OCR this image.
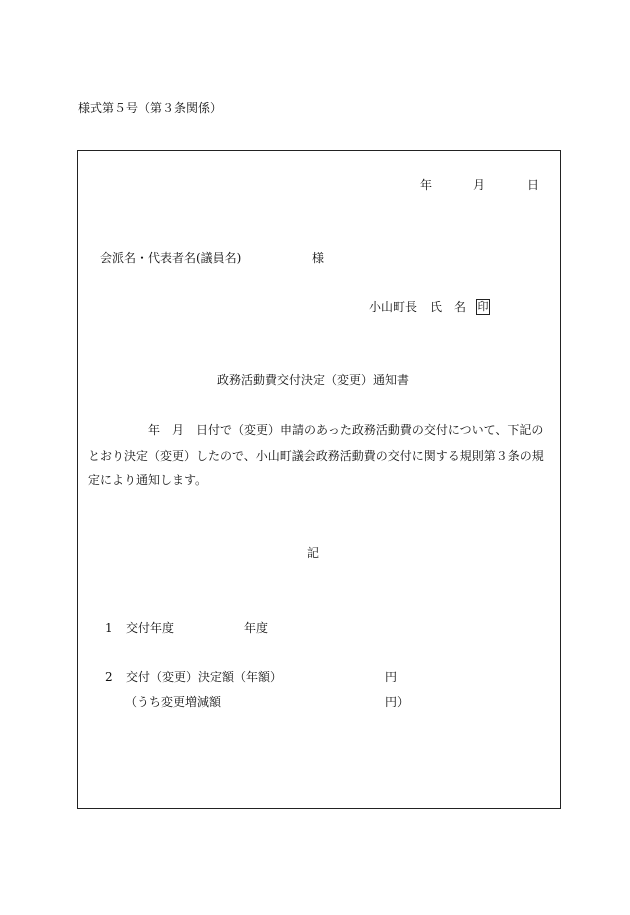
様式第５号（第３条関係）
年	月	日
会派名・代表者名(議員名)	様
小山町長 氏　名 印
政務活動費交付決定（変更）通知書
年　月　日付で（変更）申請のあった政務活動費の交付について、下記の
とおり決定（変更）したので、小山町議会政務活動費の交付に関する規則第３条の規
定により通知します。
記
1 交付年度	年度
2 交付（変更）決定額（年額）	円
（うち変更増減額	円）
